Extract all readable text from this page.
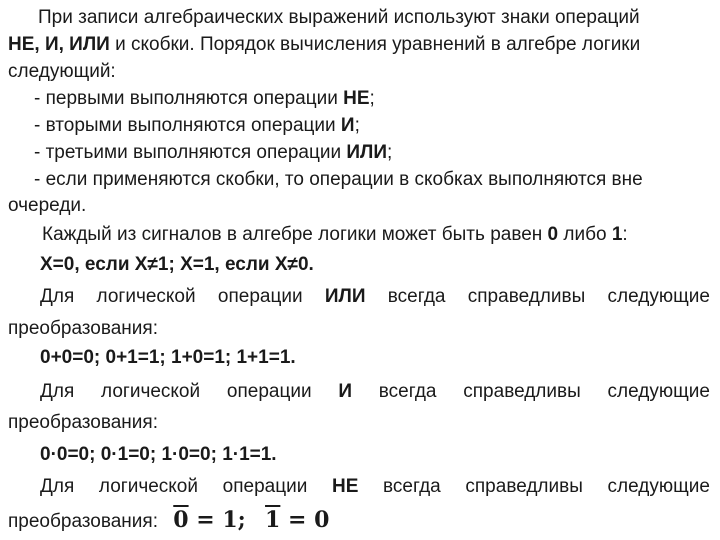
При записи алгебраических выражений используют знаки операций
НЕ, И, ИЛИ и скобки. Порядок вычисления уравнений в алгебре логики
следующий:
- первыми выполняются операции НЕ;
- вторыми выполняются операции И;
- третьими выполняются операции ИЛИ;
- если применяются скобки, то операции в скобках выполняются вне
очереди.
Каждый из сигналов в алгебре логики может быть равен 0 либо 1:
X=0, если X≠1; X=1, если X≠0.
Для логической операции ИЛИ всегда справедливы следующие
преобразования:
0+0=0; 0+1=1; 1+0=1; 1+1=1.
Для логической операции И всегда справедливы следующие
преобразования:
0·0=0; 0·1=0; 1·0=0; 1·1=1.
Для логической операции НЕ всегда справедливы следующие
преобразования: 0 = 1; 1 = 0
